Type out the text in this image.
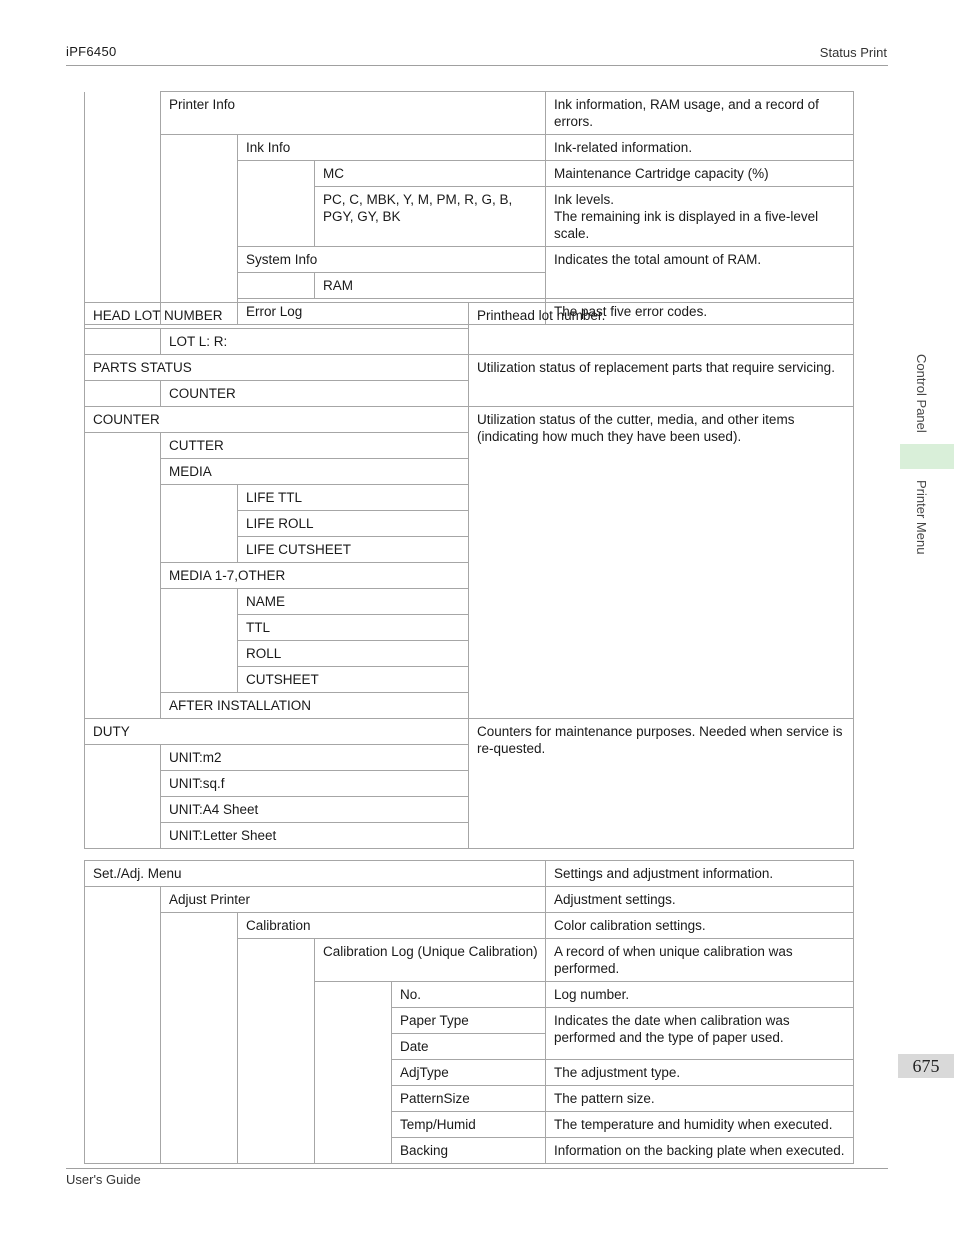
iPF6450	Status Print
Control Panel
Printer Menu
675
	Printer Info			Ink information, RAM usage, and a record of errors.
		Ink Info		Ink-related information.
			MC	Maintenance Cartridge capacity (%)
			PC, C, MBK, Y, M, PM, R, G, B, PGY, GY, BK	Ink levels.
The remaining ink is displayed in a five-level scale.

		System Info		Indicates the total amount of RAM.
			RAM	
		Error Log		The past five error codes.
HEAD LOT NUMBER			Printhead lot number.
	LOT L: R:		
PARTS STATUS			Utilization status of replacement parts that require servicing.
	COUNTER		
COUNTER			Utilization status of the cutter, media, and other items (indicating how much they have been used).
	CUTTER		
	MEDIA		
		LIFE TTL	
		LIFE ROLL	
		LIFE CUTSHEET	
	MEDIA 1-7,OTHER		
		NAME	
		TTL	
		ROLL	
		CUTSHEET	
	AFTER INSTALLATION		
DUTY		Counters for maintenance purposes. Needed when service is re-quested.
	UNIT:m2	
	UNIT:sq.f	
	UNIT:A4 Sheet	
	UNIT:Letter Sheet	
Set./Adj. Menu					Settings and adjustment information.
	Adjust Printer				Adjustment settings.
		Calibration			Color calibration settings.
			Calibration Log (Unique Calibration)		A record of when unique calibration was performed.
				No.	Log number.
				Paper Type	Indicates the date when calibration was performed and the type of paper used.
				Date	
				AdjType	The adjustment type.
				PatternSize	The pattern size.
				Temp/Humid	The temperature and humidity when executed.
				Backing	Information on the backing plate when executed.
User's Guide
